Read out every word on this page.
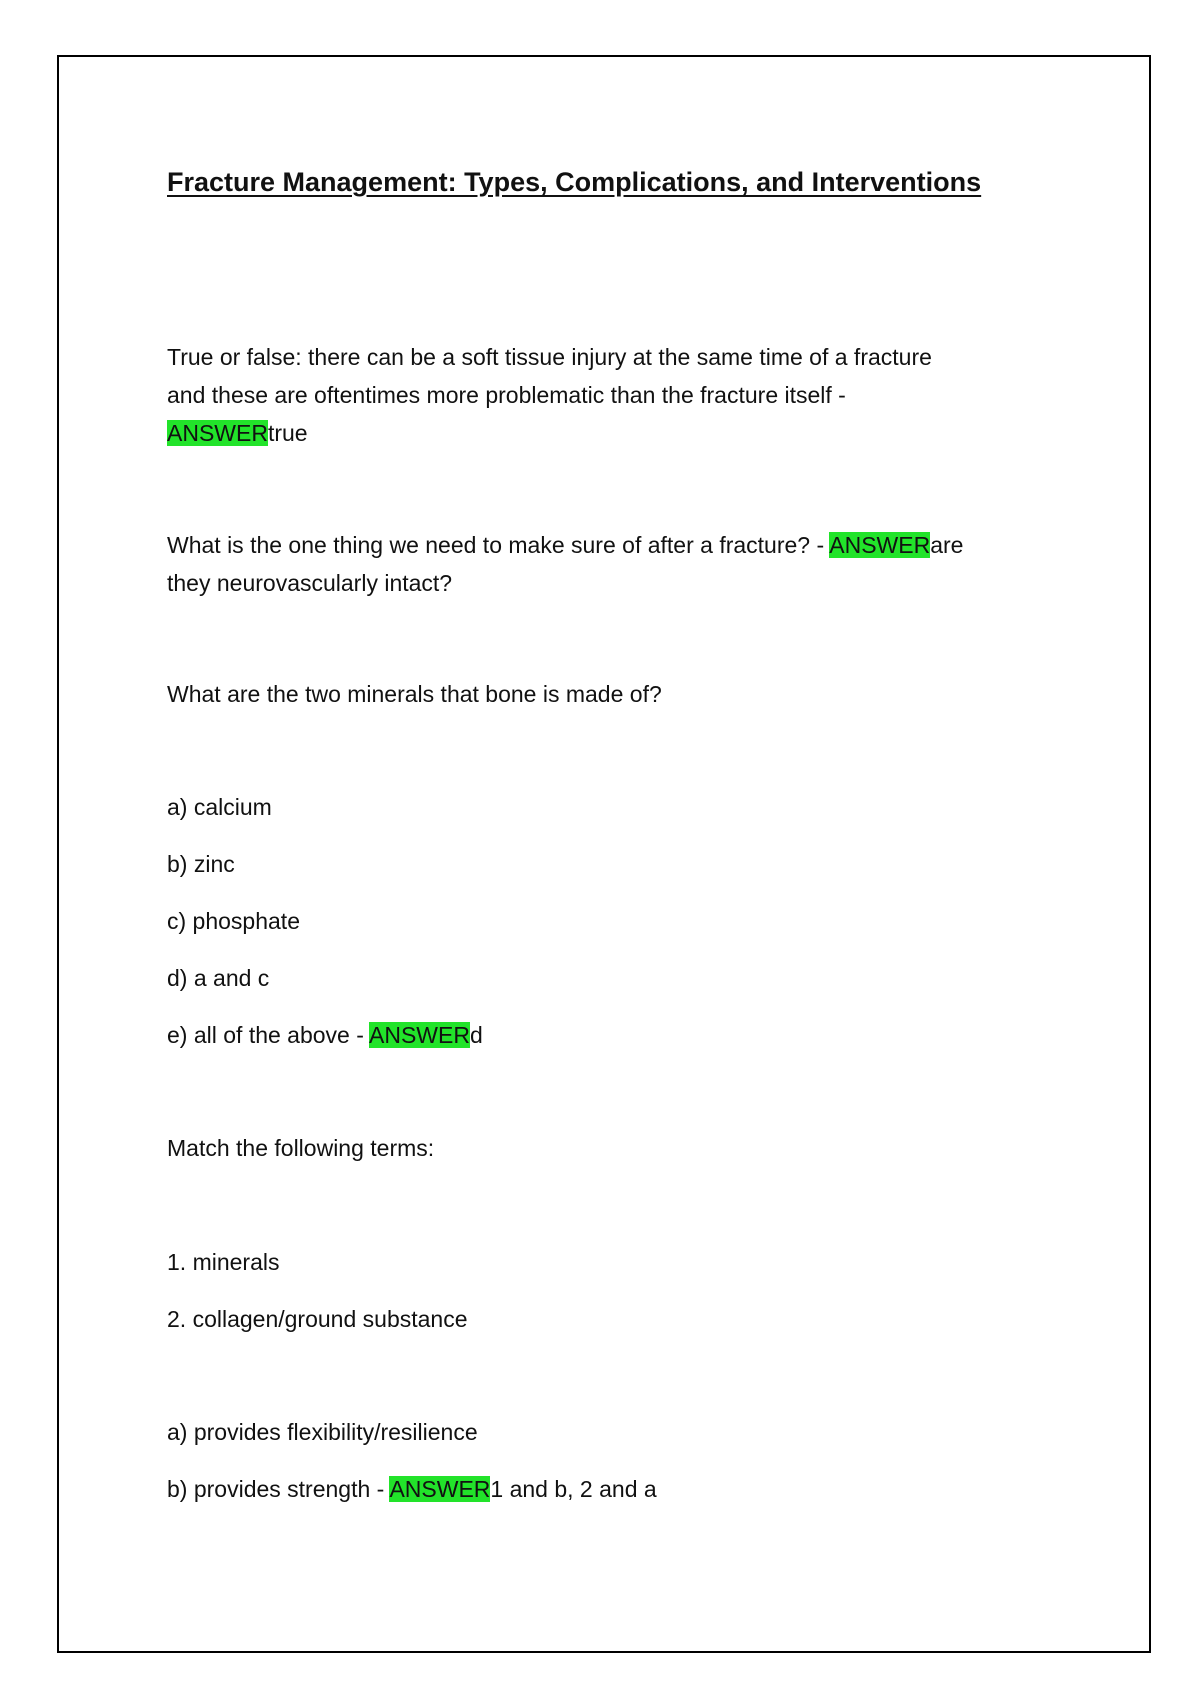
Fracture Management: Types, Complications, and Interventions
True or false: there can be a soft tissue injury at the same time of a fracture
and these are oftentimes more problematic than the fracture itself -
ANSWERtrue
What is the one thing we need to make sure of after a fracture? - ANSWERare
they neurovascularly intact?
What are the two minerals that bone is made of?
a) calcium
b) zinc
c) phosphate
d) a and c
e) all of the above - ANSWERd
Match the following terms:
1. minerals
2. collagen/ground substance
a) provides flexibility/resilience
b) provides strength - ANSWER1 and b, 2 and a
